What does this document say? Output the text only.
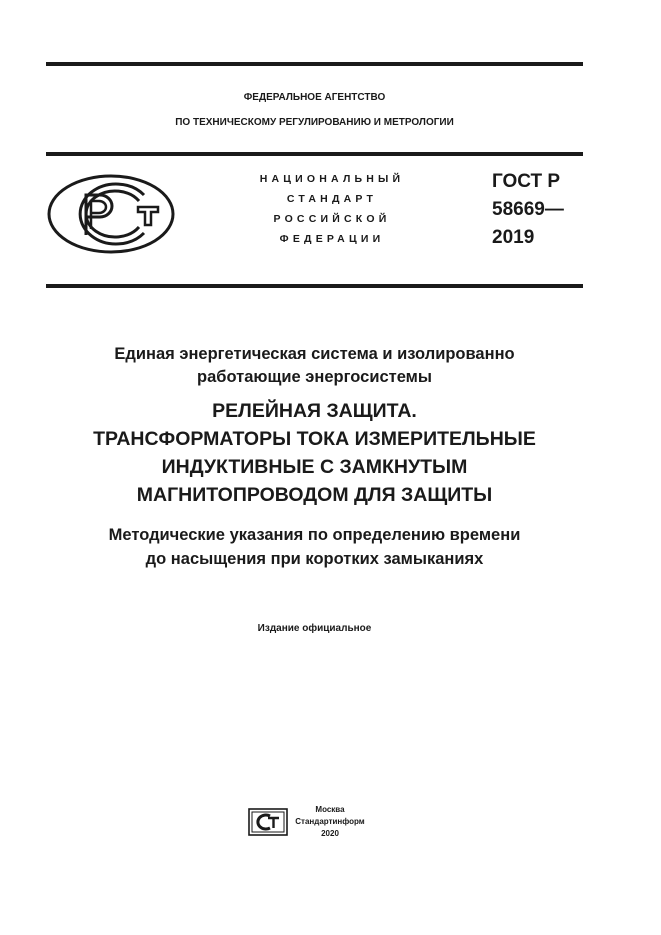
ФЕДЕРАЛЬНОЕ АГЕНТСТВО
ПО ТЕХНИЧЕСКОМУ РЕГУЛИРОВАНИЮ И МЕТРОЛОГИИ
НАЦИОНАЛЬНЫЙ
СТАНДАРТ
РОССИЙСКОЙ
ФЕДЕРАЦИИ
ГОСТ Р
58669—
2019
Единая энергетическая система и изолированно
работающие энергосистемы
РЕЛЕЙНАЯ ЗАЩИТА.
ТРАНСФОРМАТОРЫ ТОКА ИЗМЕРИТЕЛЬНЫЕ
ИНДУКТИВНЫЕ С ЗАМКНУТЫМ
МАГНИТОПРОВОДОМ ДЛЯ ЗАЩИТЫ
Методические указания по определению времени
до насыщения при коротких замыканиях
Издание официальное
Москва
Стандартинформ
2020
